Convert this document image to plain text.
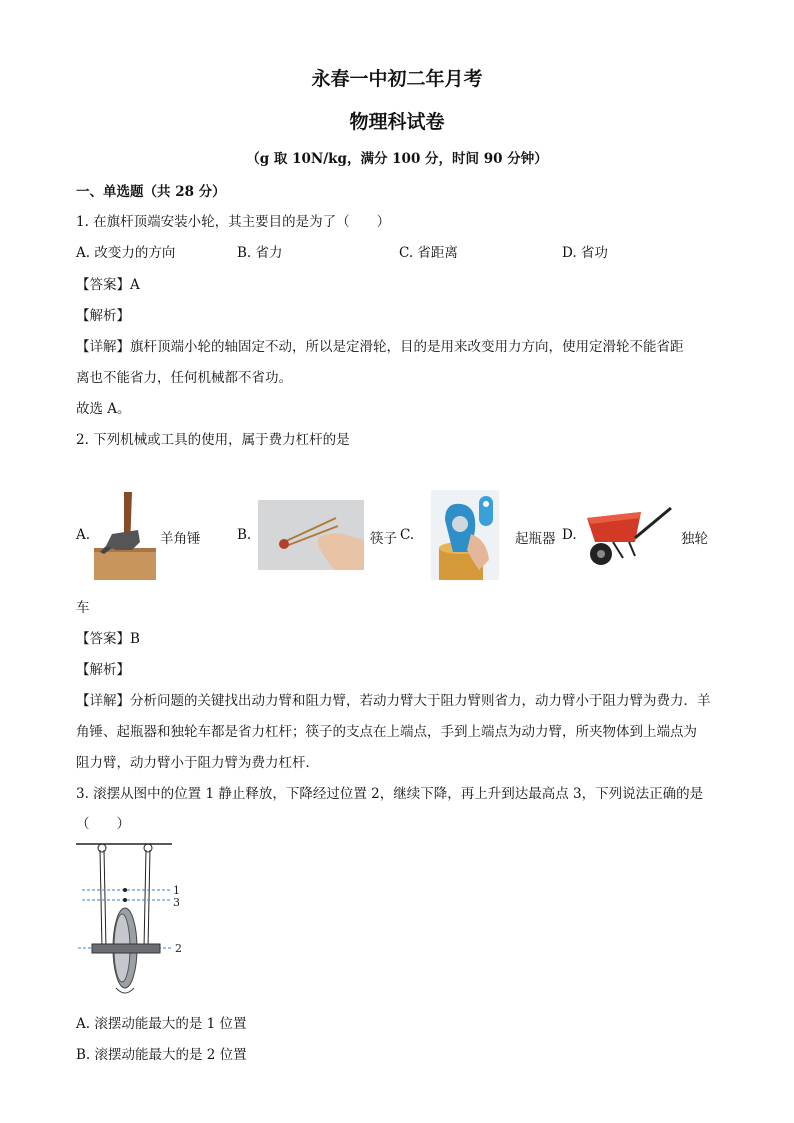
永春一中初二年月考
物理科试卷
（g 取 10N/kg，满分 100 分，时间 90 分钟）
一、单选题（共 28 分）
1. 在旗杆顶端安装小轮，其主要目的是为了（　　）
A. 改变力的方向	B. 省力	C. 省距离	D. 省功
【答案】A
【解析】
【详解】旗杆顶端小轮的轴固定不动，所以是定滑轮，目的是用来改变用力方向，使用定滑轮不能省距
离也不能省力，任何机械都不省功。
故选 A。
2. 下列机械或工具的使用，属于费力杠杆的是
A.	羊角锤	B.	筷子 C.	起瓶器 D.	独轮
车
【答案】B
【解析】
【详解】分析问题的关键找出动力臂和阻力臂，若动力臂大于阻力臂则省力，动力臂小于阻力臂为费力．羊
角锤、起瓶器和独轮车都是省力杠杆；筷子的支点在上端点，手到上端点为动力臂，所夹物体到上端点为
阻力臂，动力臂小于阻力臂为费力杠杆．
3. 滚摆从图中的位置 1 静止释放，下降经过位置 2，继续下降，再上升到达最高点 3，下列说法正确的是
（　　）
1
3
2
A. 滚摆动能最大的是 1 位置
B. 滚摆动能最大的是 2 位置
